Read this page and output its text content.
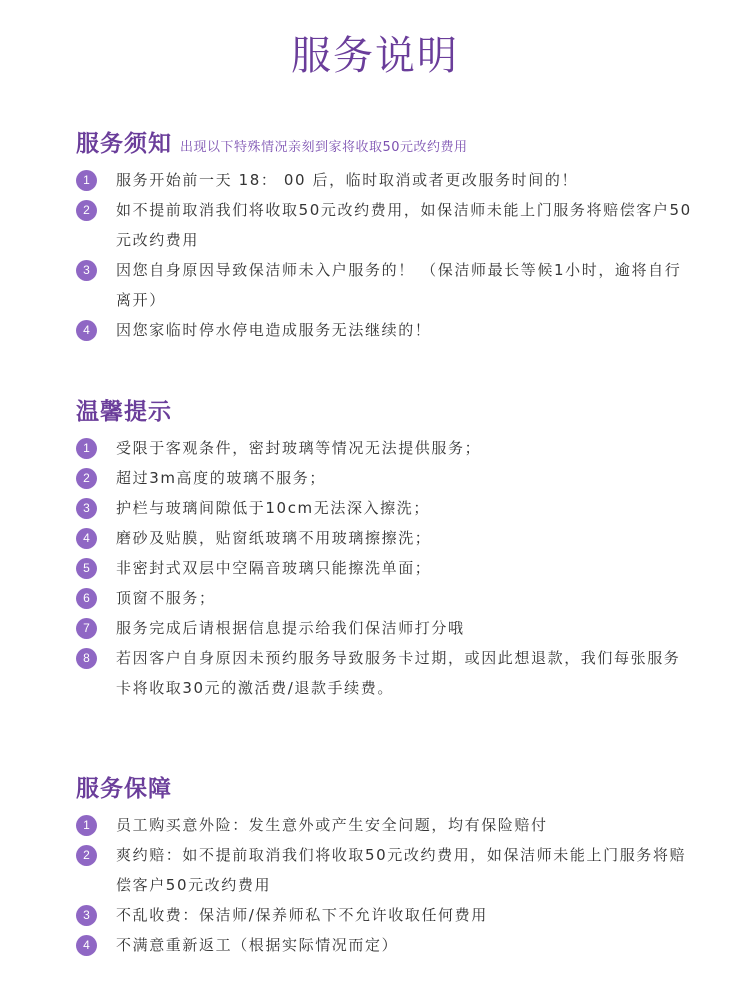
服务说明
服务须知 出现以下特殊情况亲刻到家将收取50元改约费用
1	服务开始前一天 18： 00 后，临时取消或者更改服务时间的！
2	如不提前取消我们将收取50元改约费用，如保洁师未能上门服务将赔偿客户50元改约费用
3	因您自身原因导致保洁师未入户服务的！ （保洁师最长等候1小时，逾将自行离开）
4	因您家临时停水停电造成服务无法继续的！
温馨提示
1	受限于客观条件，密封玻璃等情况无法提供服务；
2	超过3m高度的玻璃不服务；
3	护栏与玻璃间隙低于10cm无法深入擦洗；
4	磨砂及贴膜，贴窗纸玻璃不用玻璃擦擦洗；
5	非密封式双层中空隔音玻璃只能擦洗单面；
6	顶窗不服务；
7	服务完成后请根据信息提示给我们保洁师打分哦
8	若因客户自身原因未预约服务导致服务卡过期，或因此想退款，我们每张服务卡将收取30元的激活费/退款手续费。
服务保障
1	员工购买意外险：发生意外或产生安全问题，均有保险赔付
2	爽约赔：如不提前取消我们将收取50元改约费用，如保洁师未能上门服务将赔偿客户50元改约费用
3	不乱收费：保洁师/保养师私下不允许收取任何费用
4	不满意重新返工（根据实际情况而定）
